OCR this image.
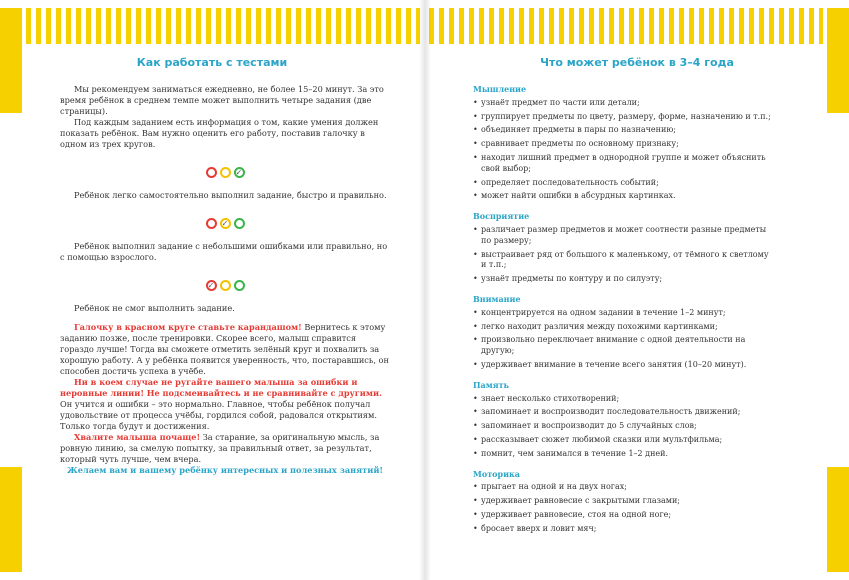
Как работать с тестами

Мы рекомендуем заниматься ежедневно, не более 15–20 минут. За это время ребёнок в среднем темпе может выполнить четыре задания (две страницы).

Под каждым заданием есть информация о том, какие умения должен показать ребёнок. Вам нужно оценить его работу, поставив галочку в одном из трех кругов.

✓

Ребёнок легко самостоятельно выполнил задание, быстро и правильно.

✓

Ребёнок выполнил задание с небольшими ошибками или правильно, но с помощью взрослого.

✓

Ребёнок не смог выполнить задание.

Галочку в красном круге ставьте карандашом! Вернитесь к этому заданию позже, после тренировки. Скорее всего, малыш справится гораздо лучше! Тогда вы сможете отметить зелёный круг и похвалить за хорошую работу. А у ребёнка появится уверенность, что, постаравшись, он способен достичь успеха в учёбе.

Ни в коем случае не ругайте вашего малыша за ошибки и неровные линии! Не подсмеивайтесь и не сравнивайте с другими. Он учится и ошибки – это нормально. Главное, чтобы ребёнок получал удовольствие от процесса учёбы, гордился собой, радовался открытиям. Только тогда будут и достижения.

Хвалите малыша почаще! За старание, за оригинальную мысль, за ровную линию, за смелую попытку, за правильный ответ, за результат, который чуть лучше, чем вчера.

Желаем вам и вашему ребёнку интересных и полезных занятий!

Что может ребёнок в 3–4 года
Мышление
• узнаёт предмет по части или детали;
• группирует предметы по цвету, размеру, форме, назначению и т.п.;
• объединяет предметы в пары по назначению;
• сравнивает предметы по основному признаку;
• находит лишний предмет в однородной группе и может объяснить свой выбор;
• определяет последовательность событий;
• может найти ошибки в абсурдных картинках.
Восприятие
• различает размер предметов и может соотнести разные предметы по размеру;
• выстраивает ряд от большого к маленькому, от тёмного к светлому и т.п.;
• узнаёт предметы по контуру и по силуэту;
Внимание
• концентрируется на одном задании в течение 1–2 минут;
• легко находит различия между похожими картинками;
• произвольно переключает внимание с одной деятельности на другую;
• удерживает внимание в течение всего занятия (10–20 минут).
Память
• знает несколько стихотворений;
• запоминает и воспроизводит последовательность движений;
• запоминает и воспроизводит до 5 случайных слов;
• рассказывает сюжет любимой сказки или мультфильма;
• помнит, чем занимался в течение 1–2 дней.
Моторика
• прыгает на одной и на двух ногах;
• удерживает равновесие с закрытыми глазами;
• удерживает равновесие, стоя на одной ноге;
• бросает вверх и ловит мяч;
